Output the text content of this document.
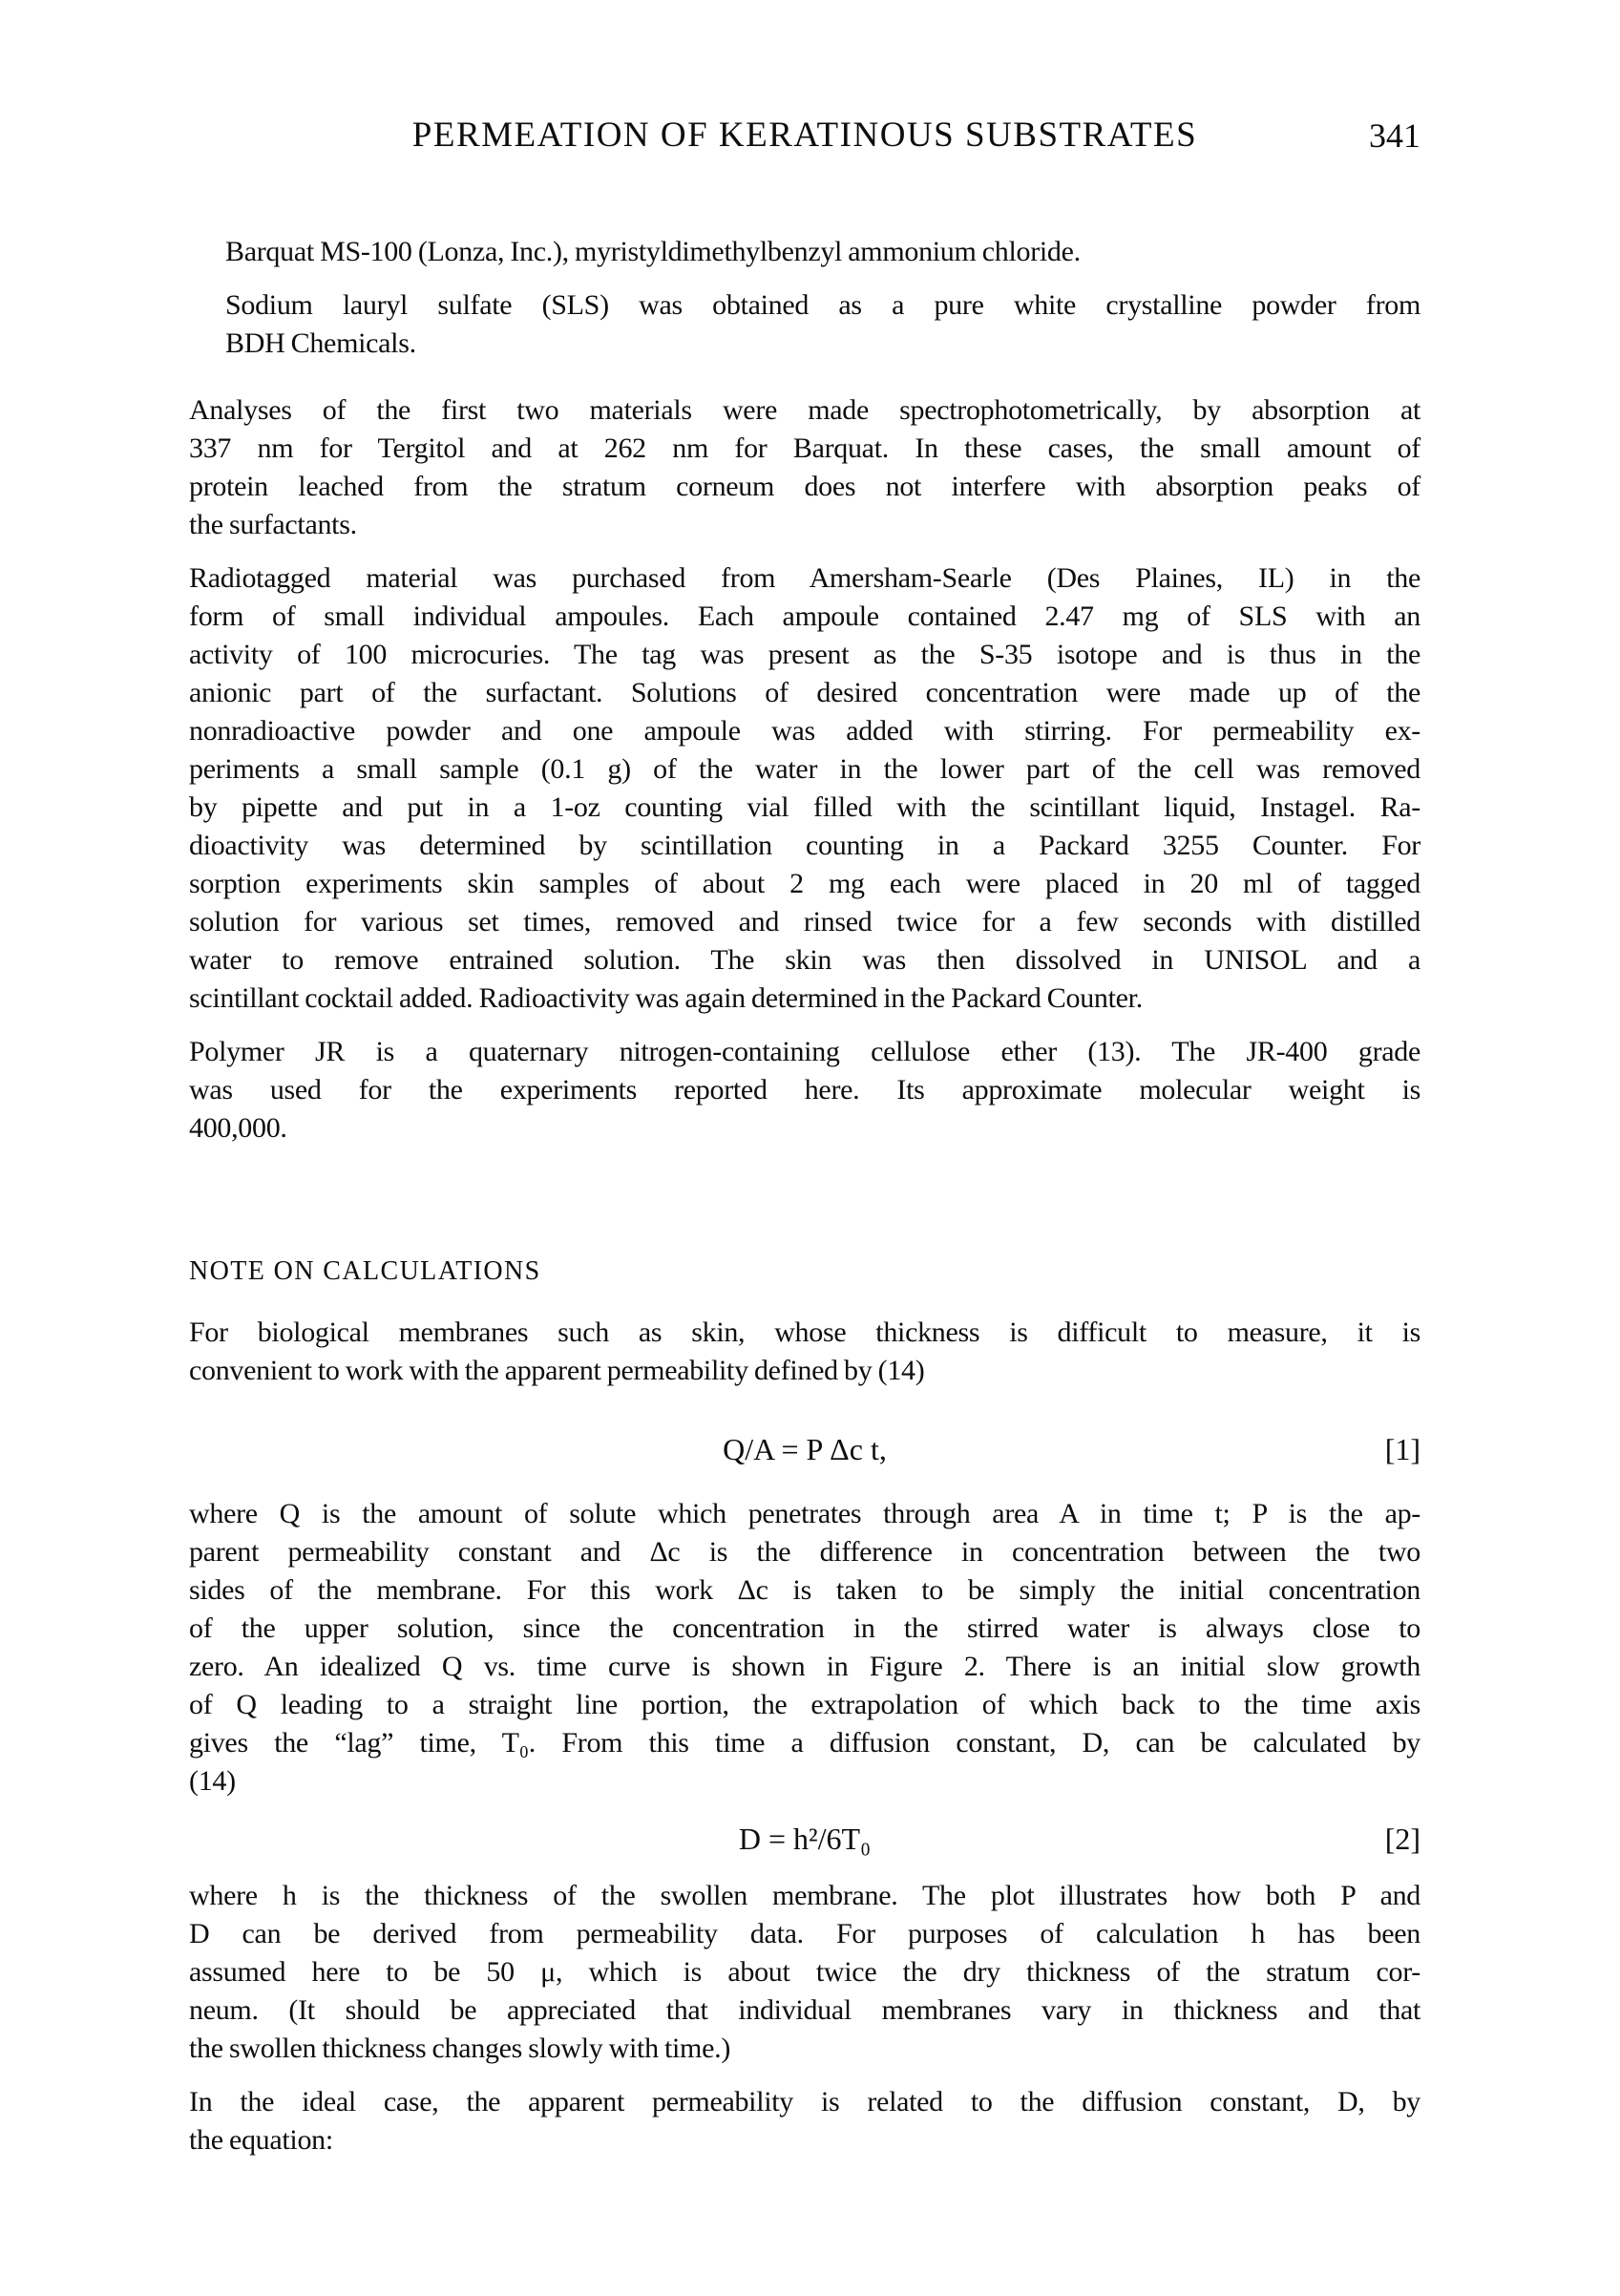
PERMEATION OF KERATINOUS SUBSTRATES	341
Barquat MS-100 (Lonza, Inc.), myristyldimethylbenzyl ammonium chloride.
Sodium lauryl sulfate (SLS) was obtained as a pure white crystalline powder from
BDH Chemicals.
Analyses of the first two materials were made spectrophotometrically, by absorption at
337 nm for Tergitol and at 262 nm for Barquat. In these cases, the small amount of
protein leached from the stratum corneum does not interfere with absorption peaks of
the surfactants.
Radiotagged material was purchased from Amersham-Searle (Des Plaines, IL) in the
form of small individual ampoules. Each ampoule contained 2.47 mg of SLS with an
activity of 100 microcuries. The tag was present as the S-35 isotope and is thus in the
anionic part of the surfactant. Solutions of desired concentration were made up of the
nonradioactive powder and one ampoule was added with stirring. For permeability ex-
periments a small sample (0.1 g) of the water in the lower part of the cell was removed
by pipette and put in a 1-oz counting vial filled with the scintillant liquid, Instagel. Ra-
dioactivity was determined by scintillation counting in a Packard 3255 Counter. For
sorption experiments skin samples of about 2 mg each were placed in 20 ml of tagged
solution for various set times, removed and rinsed twice for a few seconds with distilled
water to remove entrained solution. The skin was then dissolved in UNISOL and a
scintillant cocktail added. Radioactivity was again determined in the Packard Counter.
Polymer JR is a quaternary nitrogen-containing cellulose ether (13). The JR-400 grade
was used for the experiments reported here. Its approximate molecular weight is
400,000.
NOTE ON CALCULATIONS
For biological membranes such as skin, whose thickness is difficult to measure, it is
convenient to work with the apparent permeability defined by (14)
Q/A = P Δc t,	[1]
where Q is the amount of solute which penetrates through area A in time t; P is the ap-
parent permeability constant and Δc is the difference in concentration between the two
sides of the membrane. For this work Δc is taken to be simply the initial concentration
of the upper solution, since the concentration in the stirred water is always close to
zero. An idealized Q vs. time curve is shown in Figure 2. There is an initial slow growth
of Q leading to a straight line portion, the extrapolation of which back to the time axis
gives the “lag” time, T₀. From this time a diffusion constant, D, can be calculated by
(14)
D = h²/6T₀	[2]
where h is the thickness of the swollen membrane. The plot illustrates how both P and
D can be derived from permeability data. For purposes of calculation h has been
assumed here to be 50 μ, which is about twice the dry thickness of the stratum cor-
neum. (It should be appreciated that individual membranes vary in thickness and that
the swollen thickness changes slowly with time.)
In the ideal case, the apparent permeability is related to the diffusion constant, D, by
the equation:
